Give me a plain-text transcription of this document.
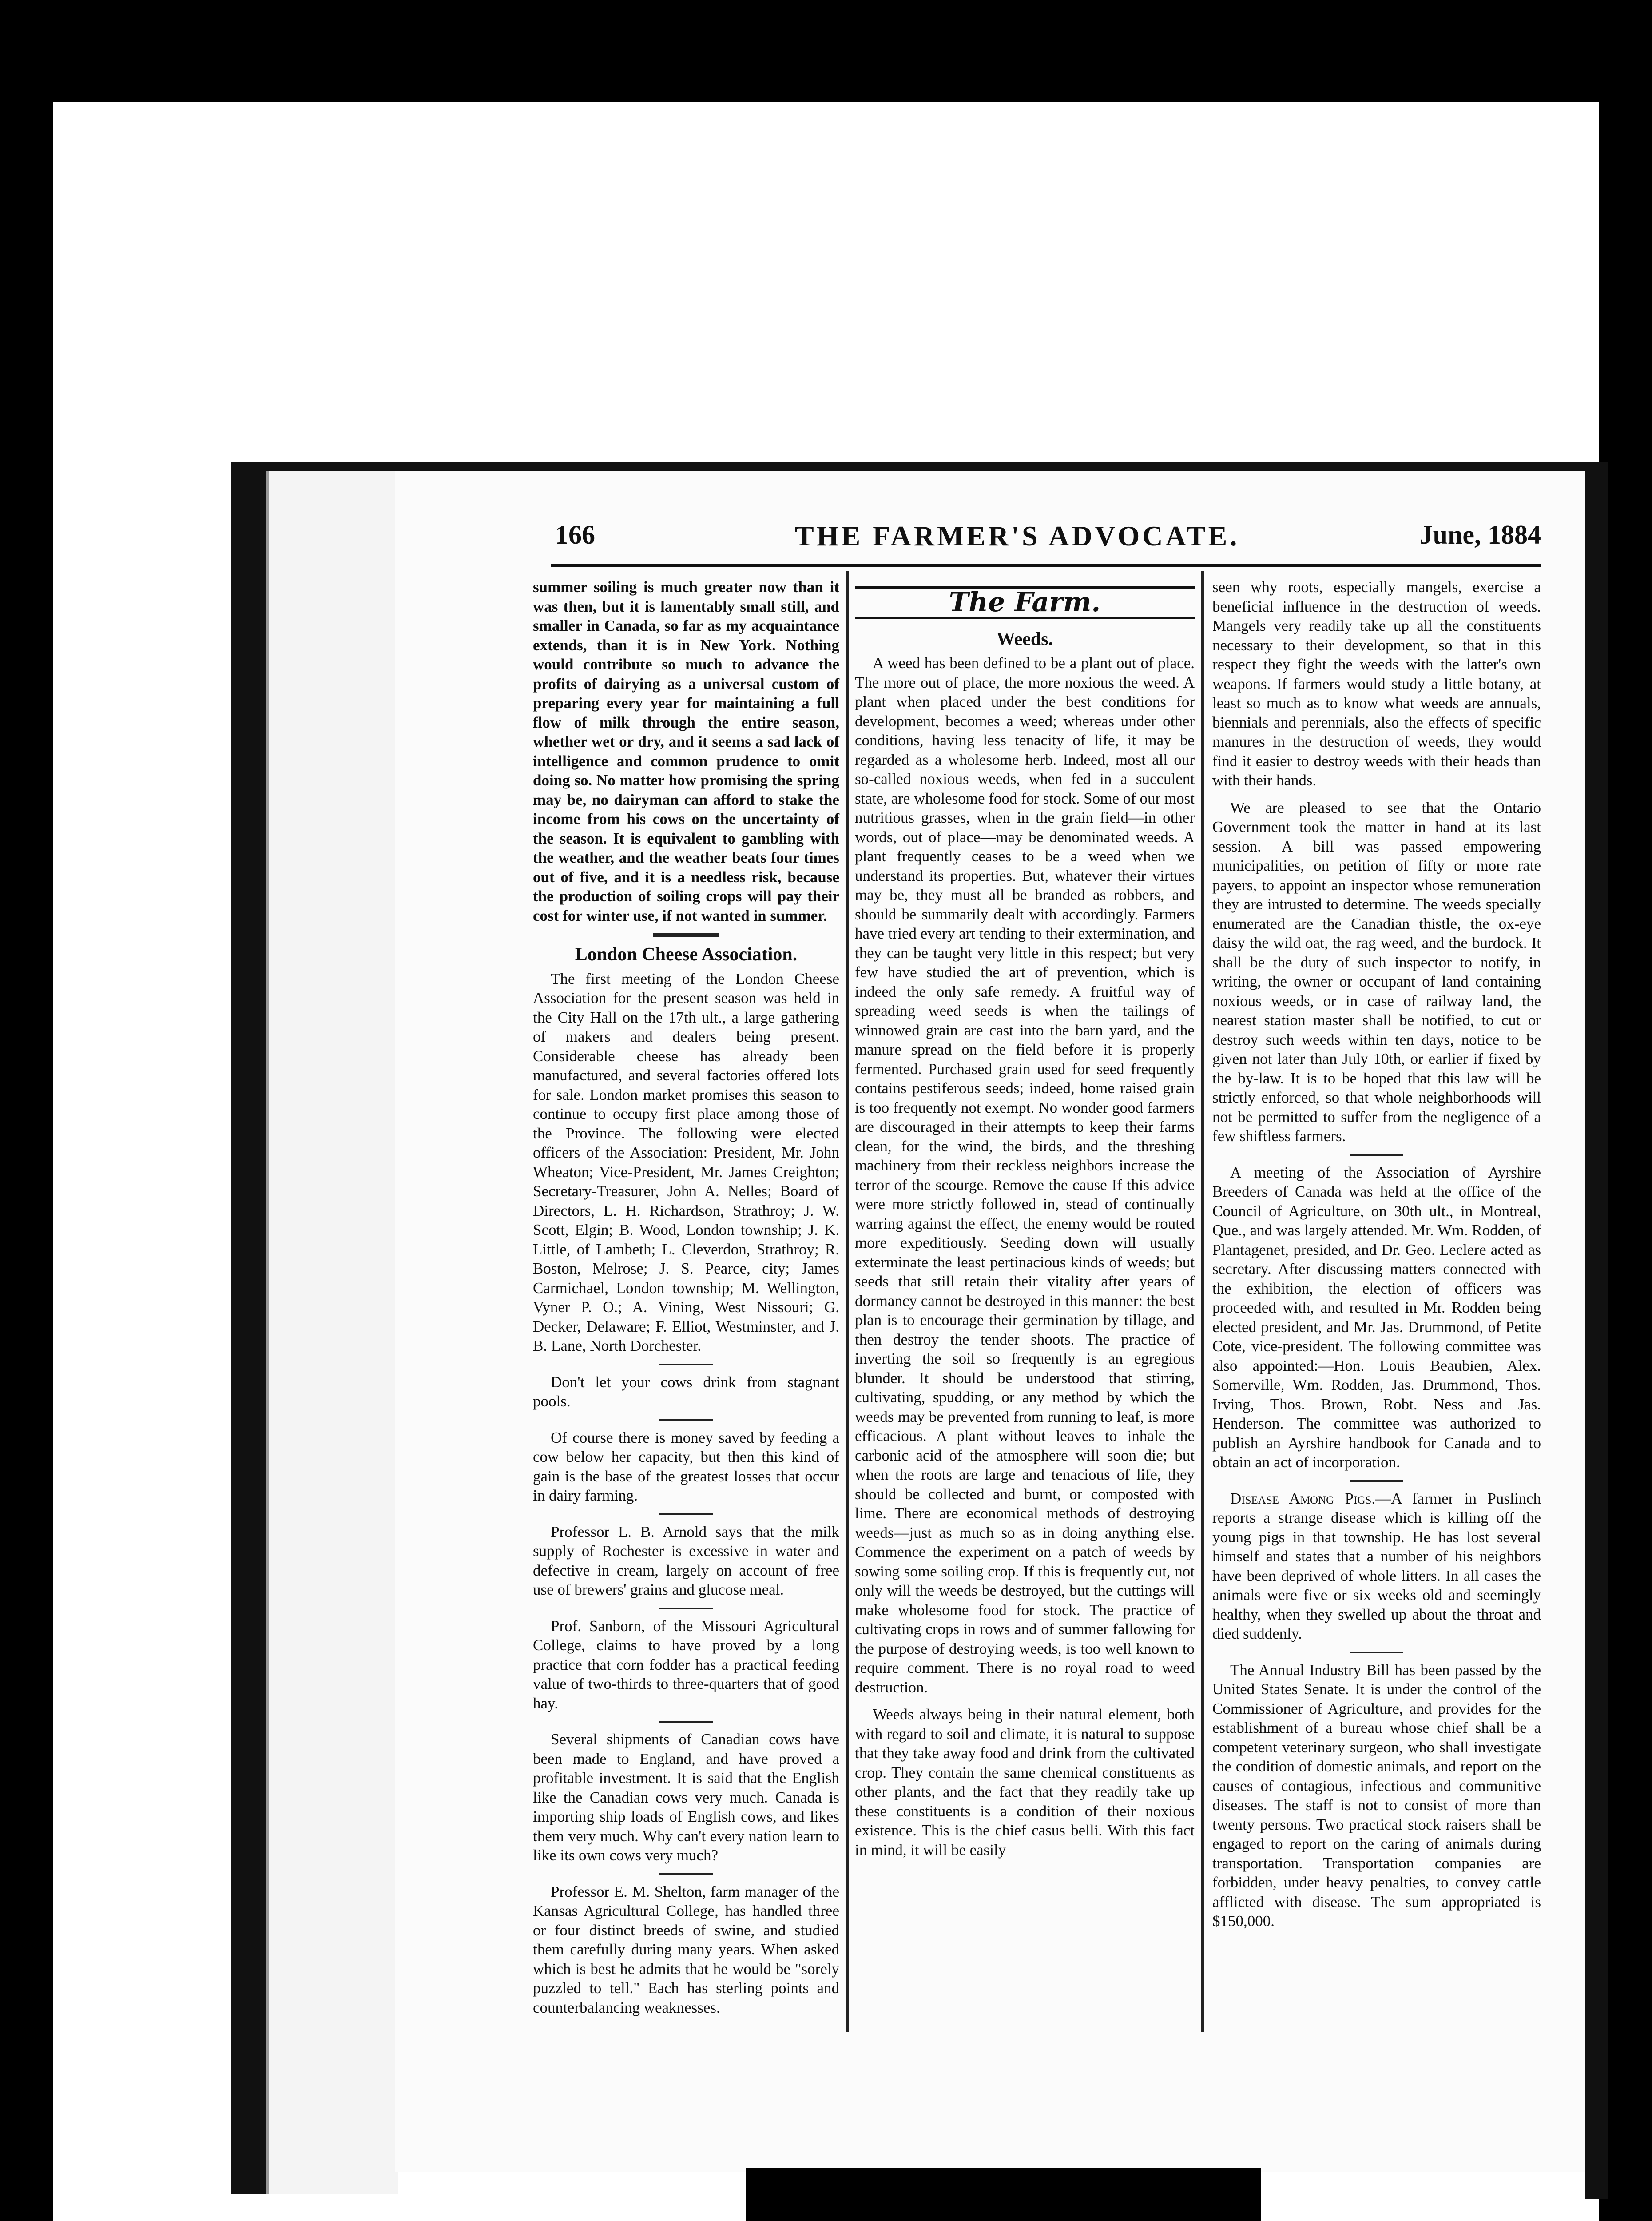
166	THE FARMER'S ADVOCATE.	June, 1884

summer soiling is much greater now than it was then, but it is lamentably small still, and smaller in Canada, so far as my acquaintance extends, than it is in New York. Nothing would contribute so much to advance the profits of dairying as a universal custom of preparing every year for maintaining a full flow of milk through the entire season, whether wet or dry, and it seems a sad lack of intelligence and common prudence to omit doing so. No matter how promising the spring may be, no dairyman can afford to stake the income from his cows on the uncertainty of the season. It is equivalent to gambling with the weather, and the weather beats four times out of five, and it is a needless risk, because the production of soiling crops will pay their cost for winter use, if not wanted in summer.

London Cheese Association.

The first meeting of the London Cheese Association for the present season was held in the City Hall on the 17th ult., a large gathering of makers and dealers being present. Considerable cheese has already been manufactured, and several factories offered lots for sale. London market promises this season to continue to occupy first place among those of the Province. The following were elected officers of the Association: President, Mr. John Wheaton; Vice-President, Mr. James Creighton; Secretary-Treasurer, John A. Nelles; Board of Directors, L. H. Richardson, Strathroy; J. W. Scott, Elgin; B. Wood, London township; J. K. Little, of Lambeth; L. Cleverdon, Strathroy; R. Boston, Melrose; J. S. Pearce, city; James Carmichael, London township; M. Wellington, Vyner P. O.; A. Vining, West Nissouri; G. Decker, Delaware; F. Elliot, Westminster, and J. B. Lane, North Dorchester.

Don't let your cows drink from stagnant pools.

Of course there is money saved by feeding a cow below her capacity, but then this kind of gain is the base of the greatest losses that occur in dairy farming.

Professor L. B. Arnold says that the milk supply of Rochester is excessive in water and defective in cream, largely on account of free use of brewers' grains and glucose meal.

Prof. Sanborn, of the Missouri Agricultural College, claims to have proved by a long practice that corn fodder has a practical feeding value of two-thirds to three-quarters that of good hay.

Several shipments of Canadian cows have been made to England, and have proved a profitable investment. It is said that the English like the Canadian cows very much. Canada is importing ship loads of English cows, and likes them very much. Why can't every nation learn to like its own cows very much?

Professor E. M. Shelton, farm manager of the Kansas Agricultural College, has handled three or four distinct breeds of swine, and studied them carefully during many years. When asked which is best he admits that he would be "sorely puzzled to tell." Each has sterling points and counterbalancing weaknesses.

The Farm.
Weeds.

A weed has been defined to be a plant out of place. The more out of place, the more noxious the weed. A plant when placed under the best conditions for development, becomes a weed; whereas under other conditions, having less tenacity of life, it may be regarded as a wholesome herb. Indeed, most all our so-called noxious weeds, when fed in a succulent state, are wholesome food for stock. Some of our most nutritious grasses, when in the grain field—in other words, out of place—may be denominated weeds. A plant frequently ceases to be a weed when we understand its properties. But, whatever their virtues may be, they must all be branded as robbers, and should be summarily dealt with accordingly. Farmers have tried every art tending to their extermination, and they can be taught very little in this respect; but very few have studied the art of prevention, which is indeed the only safe remedy. A fruitful way of spreading weed seeds is when the tailings of winnowed grain are cast into the barn yard, and the manure spread on the field before it is properly fermented. Purchased grain used for seed frequently contains pestiferous seeds; indeed, home raised grain is too frequently not exempt. No wonder good farmers are discouraged in their attempts to keep their farms clean, for the wind, the birds, and the threshing machinery from their reckless neighbors increase the terror of the scourge. Remove the cause If this advice were more strictly followed in, stead of continually warring against the effect, the enemy would be routed more expeditiously. Seeding down will usually exterminate the least pertinacious kinds of weeds; but seeds that still retain their vitality after years of dormancy cannot be destroyed in this manner: the best plan is to encourage their germination by tillage, and then destroy the tender shoots. The practice of inverting the soil so frequently is an egregious blunder. It should be understood that stirring, cultivating, spudding, or any method by which the weeds may be prevented from running to leaf, is more efficacious. A plant without leaves to inhale the carbonic acid of the atmosphere will soon die; but when the roots are large and tenacious of life, they should be collected and burnt, or composted with lime. There are economical methods of destroying weeds—just as much so as in doing anything else. Commence the experiment on a patch of weeds by sowing some soiling crop. If this is frequently cut, not only will the weeds be destroyed, but the cuttings will make wholesome food for stock. The practice of cultivating crops in rows and of summer fallowing for the purpose of destroying weeds, is too well known to require comment. There is no royal road to weed destruction.

Weeds always being in their natural element, both with regard to soil and climate, it is natural to suppose that they take away food and drink from the cultivated crop. They contain the same chemical constituents as other plants, and the fact that they readily take up these constituents is a condition of their noxious existence. This is the chief casus belli. With this fact in mind, it will be easily

seen why roots, especially mangels, exercise a beneficial influence in the destruction of weeds. Mangels very readily take up all the constituents necessary to their development, so that in this respect they fight the weeds with the latter's own weapons. If farmers would study a little botany, at least so much as to know what weeds are annuals, biennials and perennials, also the effects of specific manures in the destruction of weeds, they would find it easier to destroy weeds with their heads than with their hands.

We are pleased to see that the Ontario Government took the matter in hand at its last session. A bill was passed empowering municipalities, on petition of fifty or more rate payers, to appoint an inspector whose remuneration they are intrusted to determine. The weeds specially enumerated are the Canadian thistle, the ox-eye daisy the wild oat, the rag weed, and the burdock. It shall be the duty of such inspector to notify, in writing, the owner or occupant of land containing noxious weeds, or in case of railway land, the nearest station master shall be notified, to cut or destroy such weeds within ten days, notice to be given not later than July 10th, or earlier if fixed by the by-law. It is to be hoped that this law will be strictly enforced, so that whole neighborhoods will not be permitted to suffer from the negligence of a few shiftless farmers.

A meeting of the Association of Ayrshire Breeders of Canada was held at the office of the Council of Agriculture, on 30th ult., in Montreal, Que., and was largely attended. Mr. Wm. Rodden, of Plantagenet, presided, and Dr. Geo. Leclere acted as secretary. After discussing matters connected with the exhibition, the election of officers was proceeded with, and resulted in Mr. Rodden being elected president, and Mr. Jas. Drummond, of Petite Cote, vice-president. The following committee was also appointed:—Hon. Louis Beaubien, Alex. Somerville, Wm. Rodden, Jas. Drummond, Thos. Irving, Thos. Brown, Robt. Ness and Jas. Henderson. The committee was authorized to publish an Ayrshire handbook for Canada and to obtain an act of incorporation.

Disease Among Pigs.—A farmer in Puslinch reports a strange disease which is killing off the young pigs in that township. He has lost several himself and states that a number of his neighbors have been deprived of whole litters. In all cases the animals were five or six weeks old and seemingly healthy, when they swelled up about the throat and died suddenly.

The Annual Industry Bill has been passed by the United States Senate. It is under the control of the Commissioner of Agriculture, and provides for the establishment of a bureau whose chief shall be a competent veterinary surgeon, who shall investigate the condition of domestic animals, and report on the causes of contagious, infectious and communitive diseases. The staff is not to consist of more than twenty persons. Two practical stock raisers shall be engaged to report on the caring of animals during transportation. Transportation companies are forbidden, under heavy penalties, to convey cattle afflicted with disease. The sum appropriated is $150,000.
